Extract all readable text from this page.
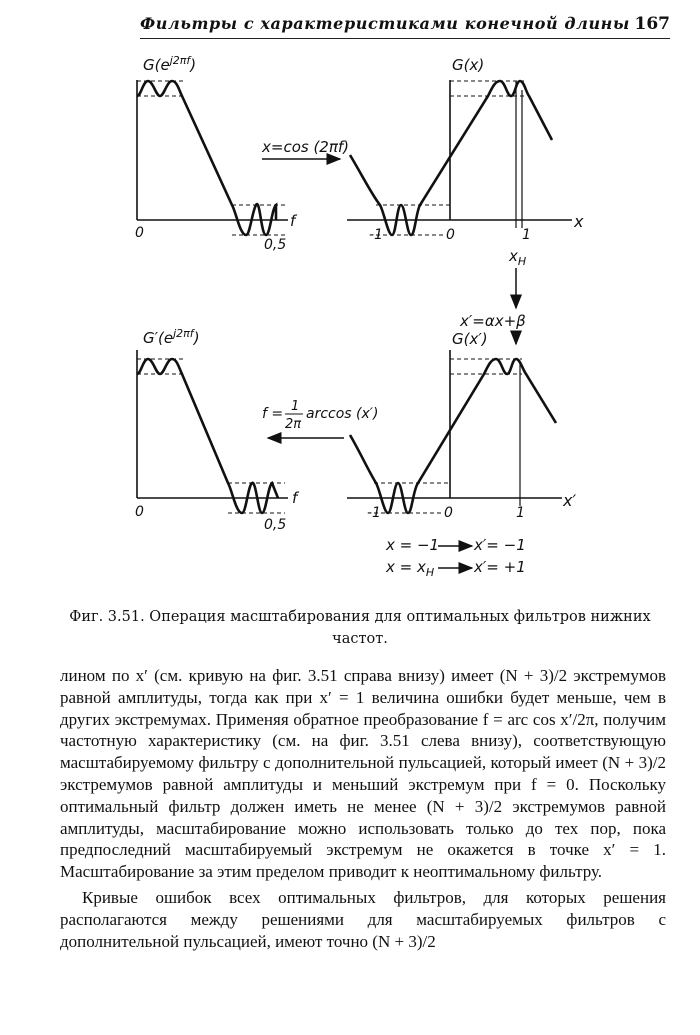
Фильтры с характеристиками конечной длины 167
$G(e^{j2\pi f})$
f
0
0,5
x=cos (2πf)
G(x)
x
-1	0	1
$x_H$
x′=αx+β
$G'(e^{j2\pi f})$
f
0
0,5
f = 1
2π
arccos (x′)
G(x′)
x′
-1	0	1
x = −1 x′= −1
$x = x_H$	x′= +1
Фиг. 3.51. Операция масштабирования для оптимальных фильтров нижних
частот.

лином по x′ (см. кривую на фиг. 3.51 справа внизу) имеет (N + 3)/2 экстремумов равной амплитуды, тогда как при x′ = 1 величина ошибки будет меньше, чем в других экстремумах. Применяя обратное преобразование f = arc cos x′/2π, получим частотную характеристику (см. на фиг. 3.51 слева внизу), соответствующую масштабируемому фильтру с дополнительной пульсацией, который имеет (N + 3)/2 экстремумов равной амплитуды и меньший экстремум при f = 0. Поскольку оптимальный фильтр должен иметь не менее (N + 3)/2 экстремумов равной амплитуды, масштабирование можно использовать только до тех пор, пока предпоследний масштабируемый экстремум не окажется в точке x′ = 1. Масштабирование за этим пределом приводит к неоптимальному фильтру.

Кривые ошибок всех оптимальных фильтров, для которых решения располагаются между решениями для масштабируемых фильтров с дополнительной пульсацией, имеют точно (N + 3)/2
